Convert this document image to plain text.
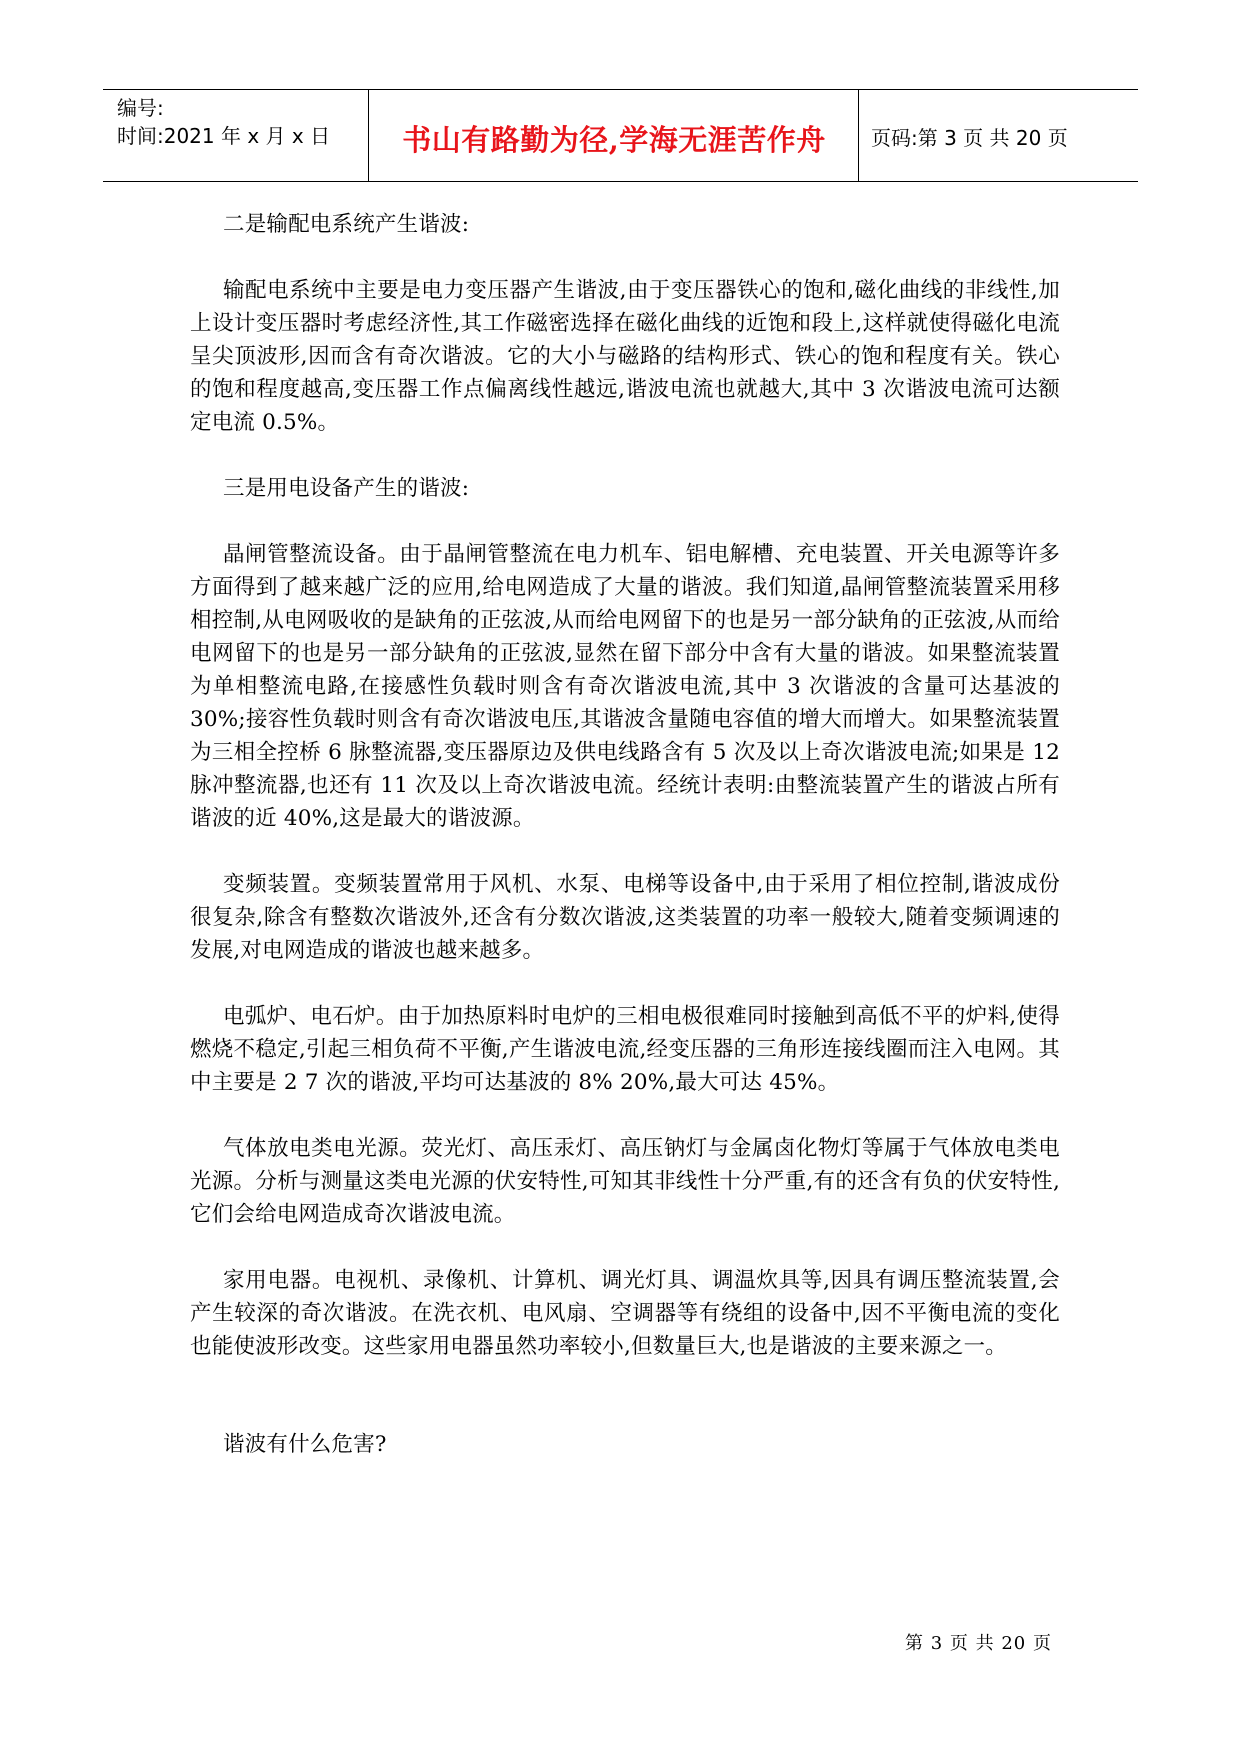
编号:
时间:2021 年 x 月 x 日	书山有路勤为径,学海无涯苦作舟	页码:第 3 页 共 20 页

二是输配电系统产生谐波:

输配电系统中主要是电力变压器产生谐波,由于变压器铁心的饱和,磁化曲线的非线性,加上设计变压器时考虑经济性,其工作磁密选择在磁化曲线的近饱和段上,这样就使得磁化电流呈尖顶波形,因而含有奇次谐波。它的大小与磁路的结构形式、铁心的饱和程度有关。铁心的饱和程度越高,变压器工作点偏离线性越远,谐波电流也就越大,其中 3 次谐波电流可达额定电流 0.5%。

三是用电设备产生的谐波:

晶闸管整流设备。由于晶闸管整流在电力机车、铝电解槽、充电装置、开关电源等许多方面得到了越来越广泛的应用,给电网造成了大量的谐波。我们知道,晶闸管整流装置采用移相控制,从电网吸收的是缺角的正弦波,从而给电网留下的也是另一部分缺角的正弦波,从而给电网留下的也是另一部分缺角的正弦波,显然在留下部分中含有大量的谐波。如果整流装置为单相整流电路,在接感性负载时则含有奇次谐波电流,其中 3 次谐波的含量可达基波的 30%;接容性负载时则含有奇次谐波电压,其谐波含量随电容值的增大而增大。如果整流装置为三相全控桥 6 脉整流器,变压器原边及供电线路含有 5 次及以上奇次谐波电流;如果是 12 脉冲整流器,也还有 11 次及以上奇次谐波电流。经统计表明:由整流装置产生的谐波占所有谐波的近 40%,这是最大的谐波源。

变频装置。变频装置常用于风机、水泵、电梯等设备中,由于采用了相位控制,谐波成份很复杂,除含有整数次谐波外,还含有分数次谐波,这类装置的功率一般较大,随着变频调速的发展,对电网造成的谐波也越来越多。

电弧炉、电石炉。由于加热原料时电炉的三相电极很难同时接触到高低不平的炉料,使得燃烧不稳定,引起三相负荷不平衡,产生谐波电流,经变压器的三角形连接线圈而注入电网。其中主要是 2 7 次的谐波,平均可达基波的 8% 20%,最大可达 45%。

气体放电类电光源。荧光灯、高压汞灯、高压钠灯与金属卤化物灯等属于气体放电类电光源。分析与测量这类电光源的伏安特性,可知其非线性十分严重,有的还含有负的伏安特性,它们会给电网造成奇次谐波电流。

家用电器。电视机、录像机、计算机、调光灯具、调温炊具等,因具有调压整流装置,会产生较深的奇次谐波。在洗衣机、电风扇、空调器等有绕组的设备中,因不平衡电流的变化也能使波形改变。这些家用电器虽然功率较小,但数量巨大,也是谐波的主要来源之一。

谐波有什么危害?

第 3 页 共 20 页
